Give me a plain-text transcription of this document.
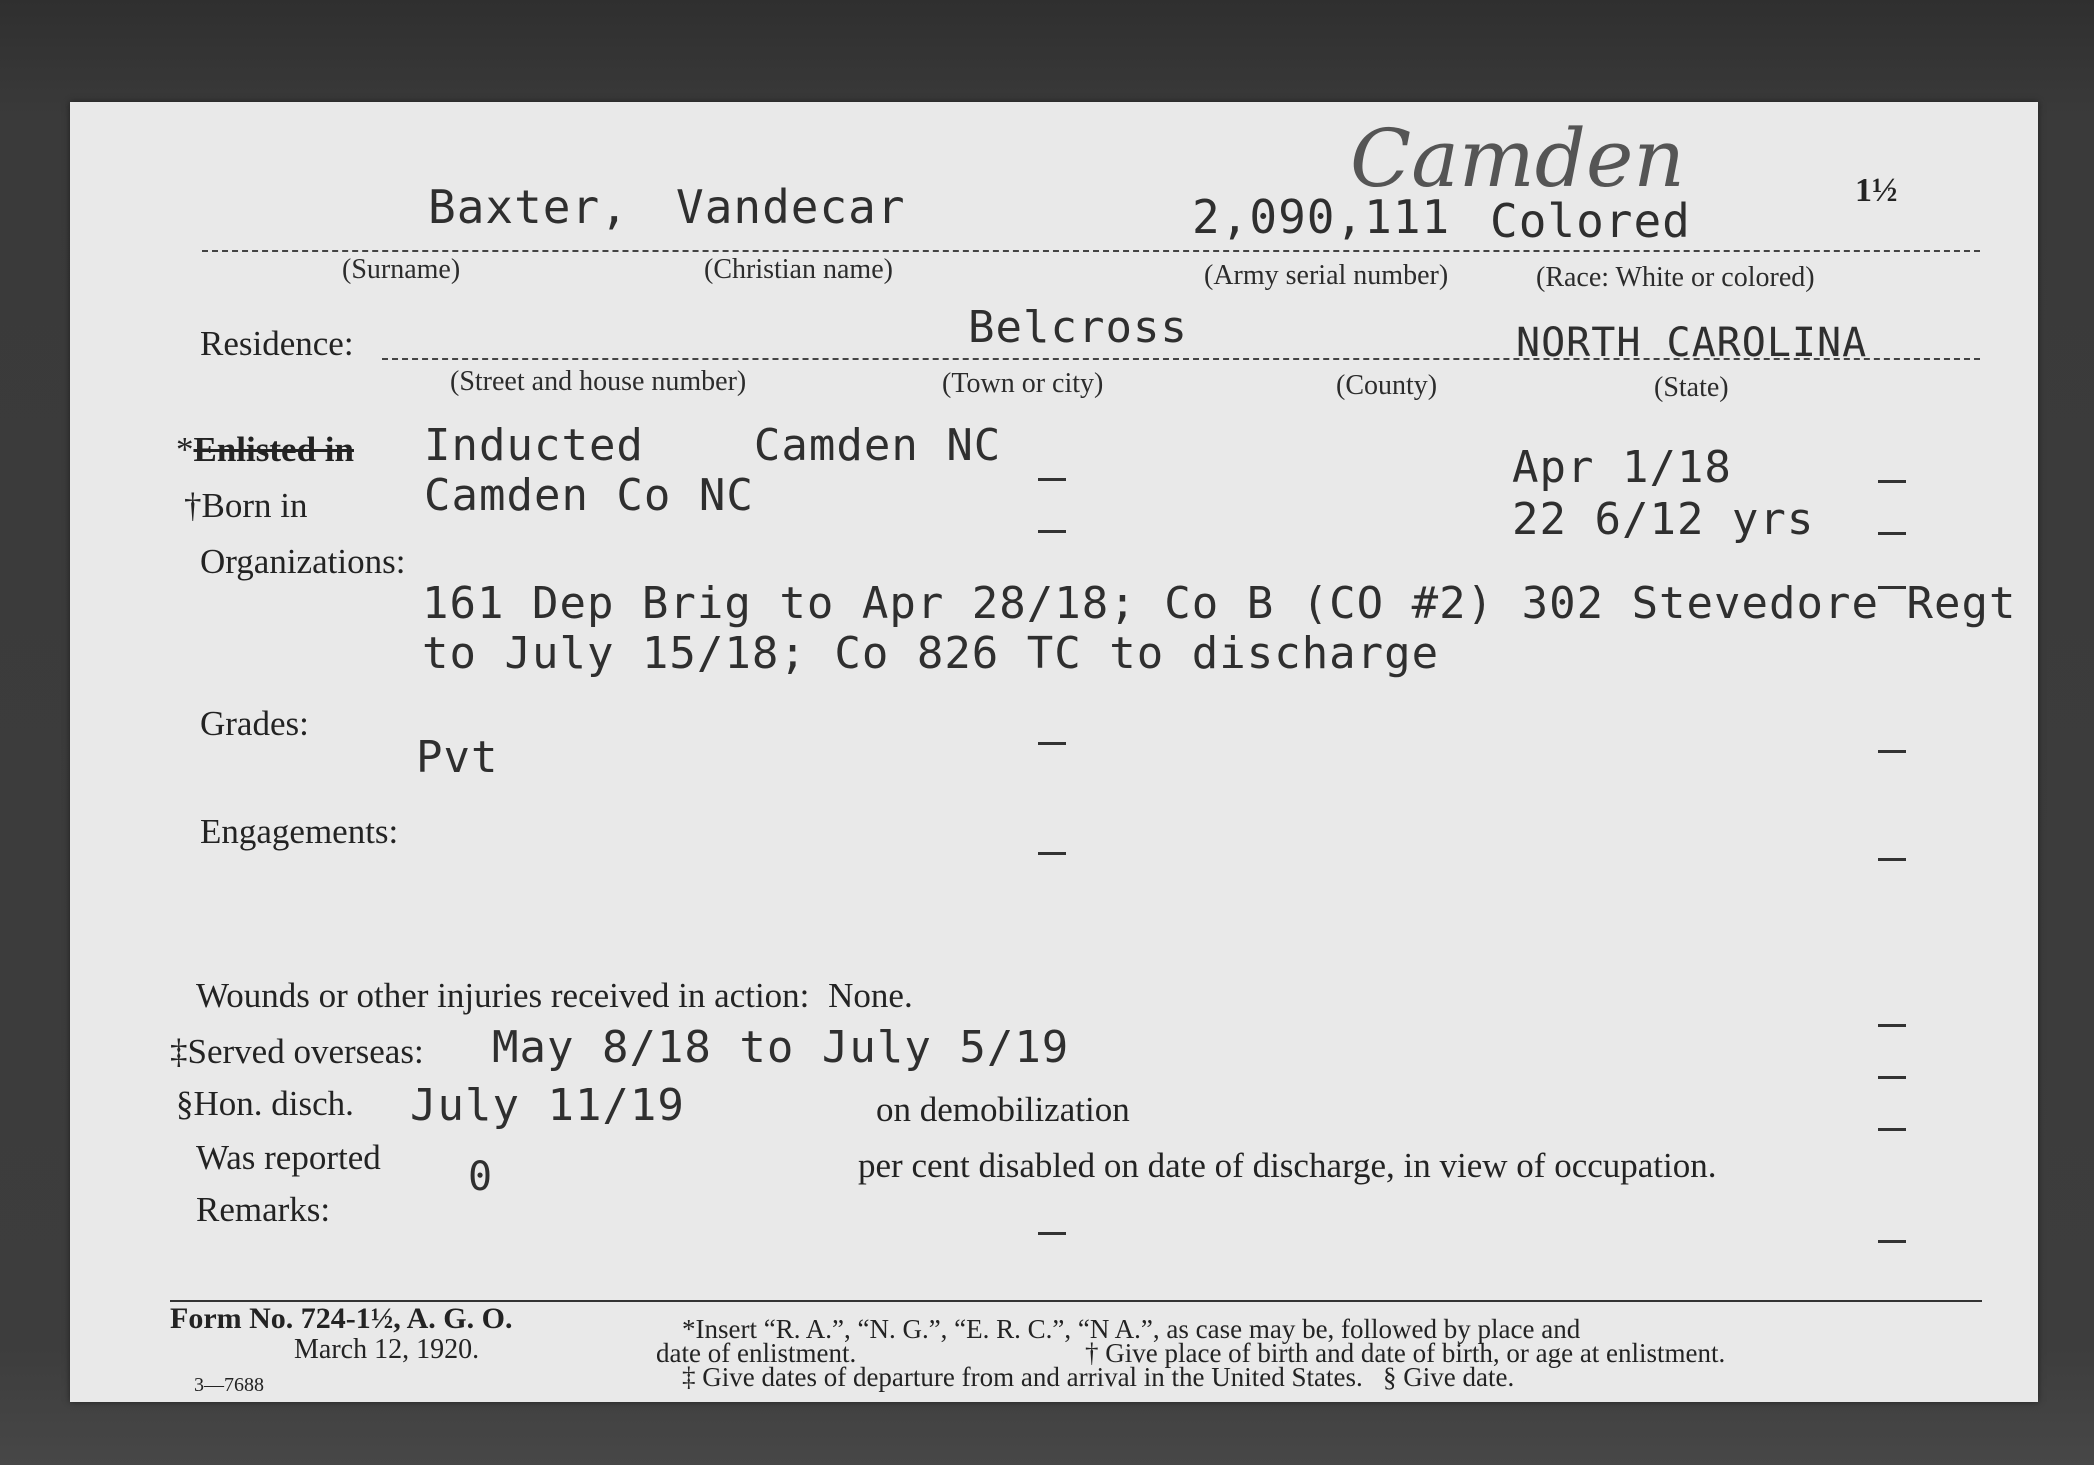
Camden	1½
Baxter, Vandecar	2,090,111 Colored
(Surname)	(Christian name)	(Army serial number)	(Race: White or colored)
Residence:	Belcross	NORTH CAROLINA
(Street and house number)	(Town or city)	(County)	(State)
*Enlisted in Inducted    Camden NC	Apr 1/18
†Born in	Camden Co NC	22 6/12 yrs
Organizations:
161 Dep Brig to Apr 28/18; Co B (CO #2) 302 Stevedore Regt
to July 15/18; Co 826 TC to discharge
Grades:
Pvt
Engagements:
Wounds or other injuries received in action: None.
‡Served overseas: May 8/18 to July 5/19
§Hon. disch. July 11/19	on demobilization
Was reported 0	per cent disabled on date of discharge, in view of occupation.
Remarks:
Form No. 724-1½, A. G. O.
March 12, 1920.
3—7688
*Insert “R. A.”, “N. G.”, “E. R. C.”, “N A.”, as case may be, followed by place and
date of enlistment.	† Give place of birth and date of birth, or age at enlistment.
‡ Give dates of departure from and arrival in the United States.   § Give date.
